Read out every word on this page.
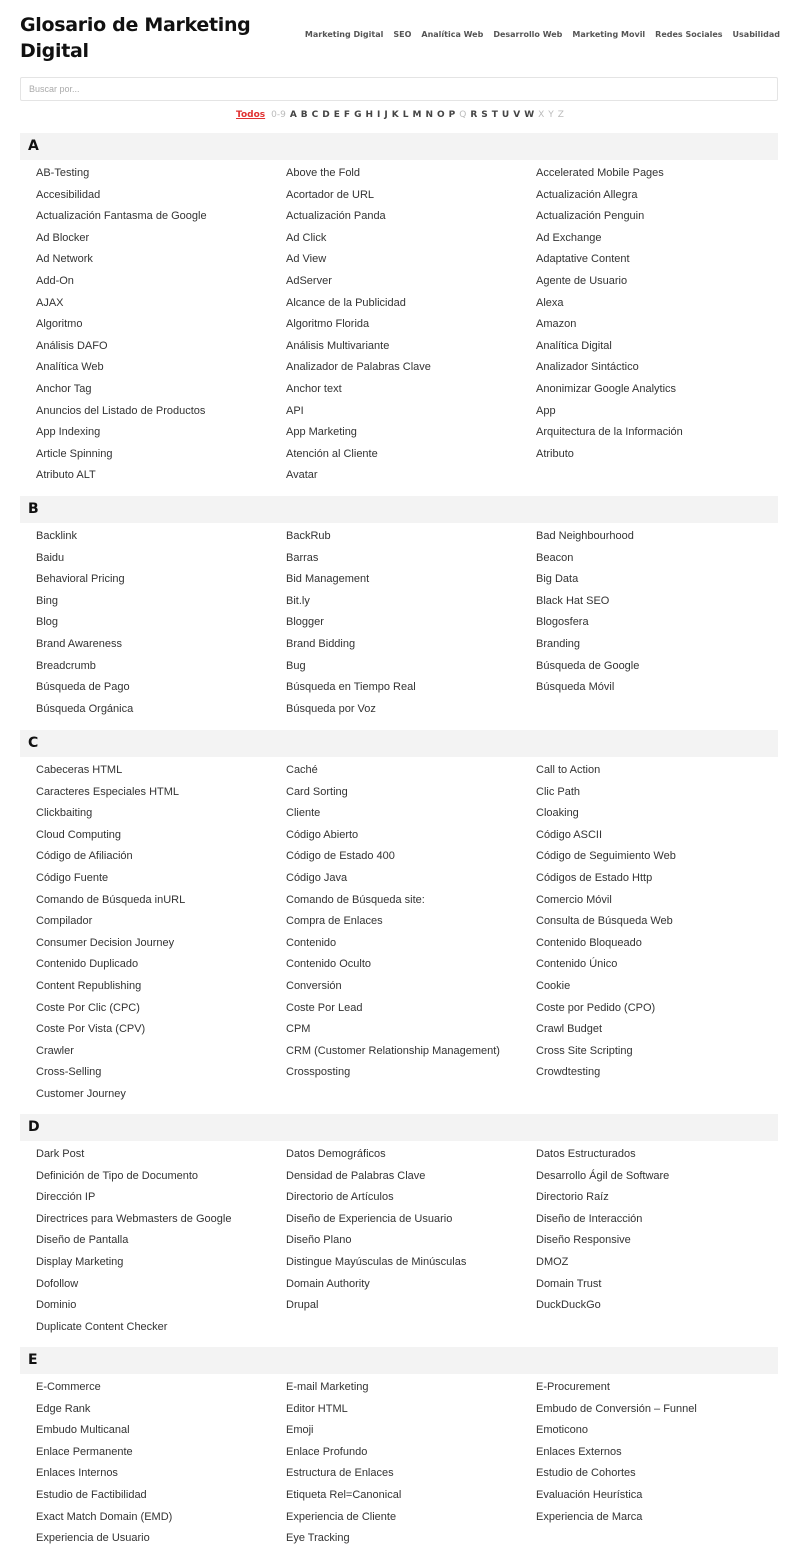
Glosario de Marketing Digital
Marketing Digital SEO Analítica Web Desarrollo Web Marketing Movil Redes Sociales Usabilidad
Buscar por...
Todos 0-9 A B C D E F G H I J K L M N O P Q R S T U V W X Y Z
A
AB-Testing	Above the Fold	Accelerated Mobile Pages
Accesibilidad	Acortador de URL	Actualización Allegra
Actualización Fantasma de Google	Actualización Panda	Actualización Penguin
Ad Blocker	Ad Click	Ad Exchange
Ad Network	Ad View	Adaptative Content
Add-On	AdServer	Agente de Usuario
AJAX	Alcance de la Publicidad	Alexa
Algoritmo	Algoritmo Florida	Amazon
Análisis DAFO	Análisis Multivariante	Analítica Digital
Analítica Web	Analizador de Palabras Clave	Analizador Sintáctico
Anchor Tag	Anchor text	Anonimizar Google Analytics
Anuncios del Listado de Productos	API	App
App Indexing	App Marketing	Arquitectura de la Información
Article Spinning	Atención al Cliente	Atributo
Atributo ALT	Avatar
B
Backlink	BackRub	Bad Neighbourhood
Baidu	Barras	Beacon
Behavioral Pricing	Bid Management	Big Data
Bing	Bit.ly	Black Hat SEO
Blog	Blogger	Blogosfera
Brand Awareness	Brand Bidding	Branding
Breadcrumb	Bug	Búsqueda de Google
Búsqueda de Pago	Búsqueda en Tiempo Real	Búsqueda Móvil
Búsqueda Orgánica	Búsqueda por Voz
C
Cabeceras HTML	Caché	Call to Action
Caracteres Especiales HTML	Card Sorting	Clic Path
Clickbaiting	Cliente	Cloaking
Cloud Computing	Código Abierto	Código ASCII
Código de Afiliación	Código de Estado 400	Código de Seguimiento Web
Código Fuente	Código Java	Códigos de Estado Http
Comando de Búsqueda inURL	Comando de Búsqueda site:	Comercio Móvil
Compilador	Compra de Enlaces	Consulta de Búsqueda Web
Consumer Decision Journey	Contenido	Contenido Bloqueado
Contenido Duplicado	Contenido Oculto	Contenido Único
Content Republishing	Conversión	Cookie
Coste Por Clic (CPC)	Coste Por Lead	Coste por Pedido (CPO)
Coste Por Vista (CPV)	CPM	Crawl Budget
Crawler	CRM (Customer Relationship Management)	Cross Site Scripting
Cross-Selling	Crossposting	Crowdtesting
Customer Journey
D
Dark Post	Datos Demográficos	Datos Estructurados
Definición de Tipo de Documento	Densidad de Palabras Clave	Desarrollo Ágil de Software
Dirección IP	Directorio de Artículos	Directorio Raíz
Directrices para Webmasters de Google	Diseño de Experiencia de Usuario	Diseño de Interacción
Diseño de Pantalla	Diseño Plano	Diseño Responsive
Display Marketing	Distingue Mayúsculas de Minúsculas	DMOZ
Dofollow	Domain Authority	Domain Trust
Dominio	Drupal	DuckDuckGo
Duplicate Content Checker
E
E-Commerce	E-mail Marketing	E-Procurement
Edge Rank	Editor HTML	Embudo de Conversión – Funnel
Embudo Multicanal	Emoji	Emoticono
Enlace Permanente	Enlace Profundo	Enlaces Externos
Enlaces Internos	Estructura de Enlaces	Estudio de Cohortes
Estudio de Factibilidad	Etiqueta Rel=Canonical	Evaluación Heurística
Exact Match Domain (EMD)	Experiencia de Cliente	Experiencia de Marca
Experiencia de Usuario	Eye Tracking
